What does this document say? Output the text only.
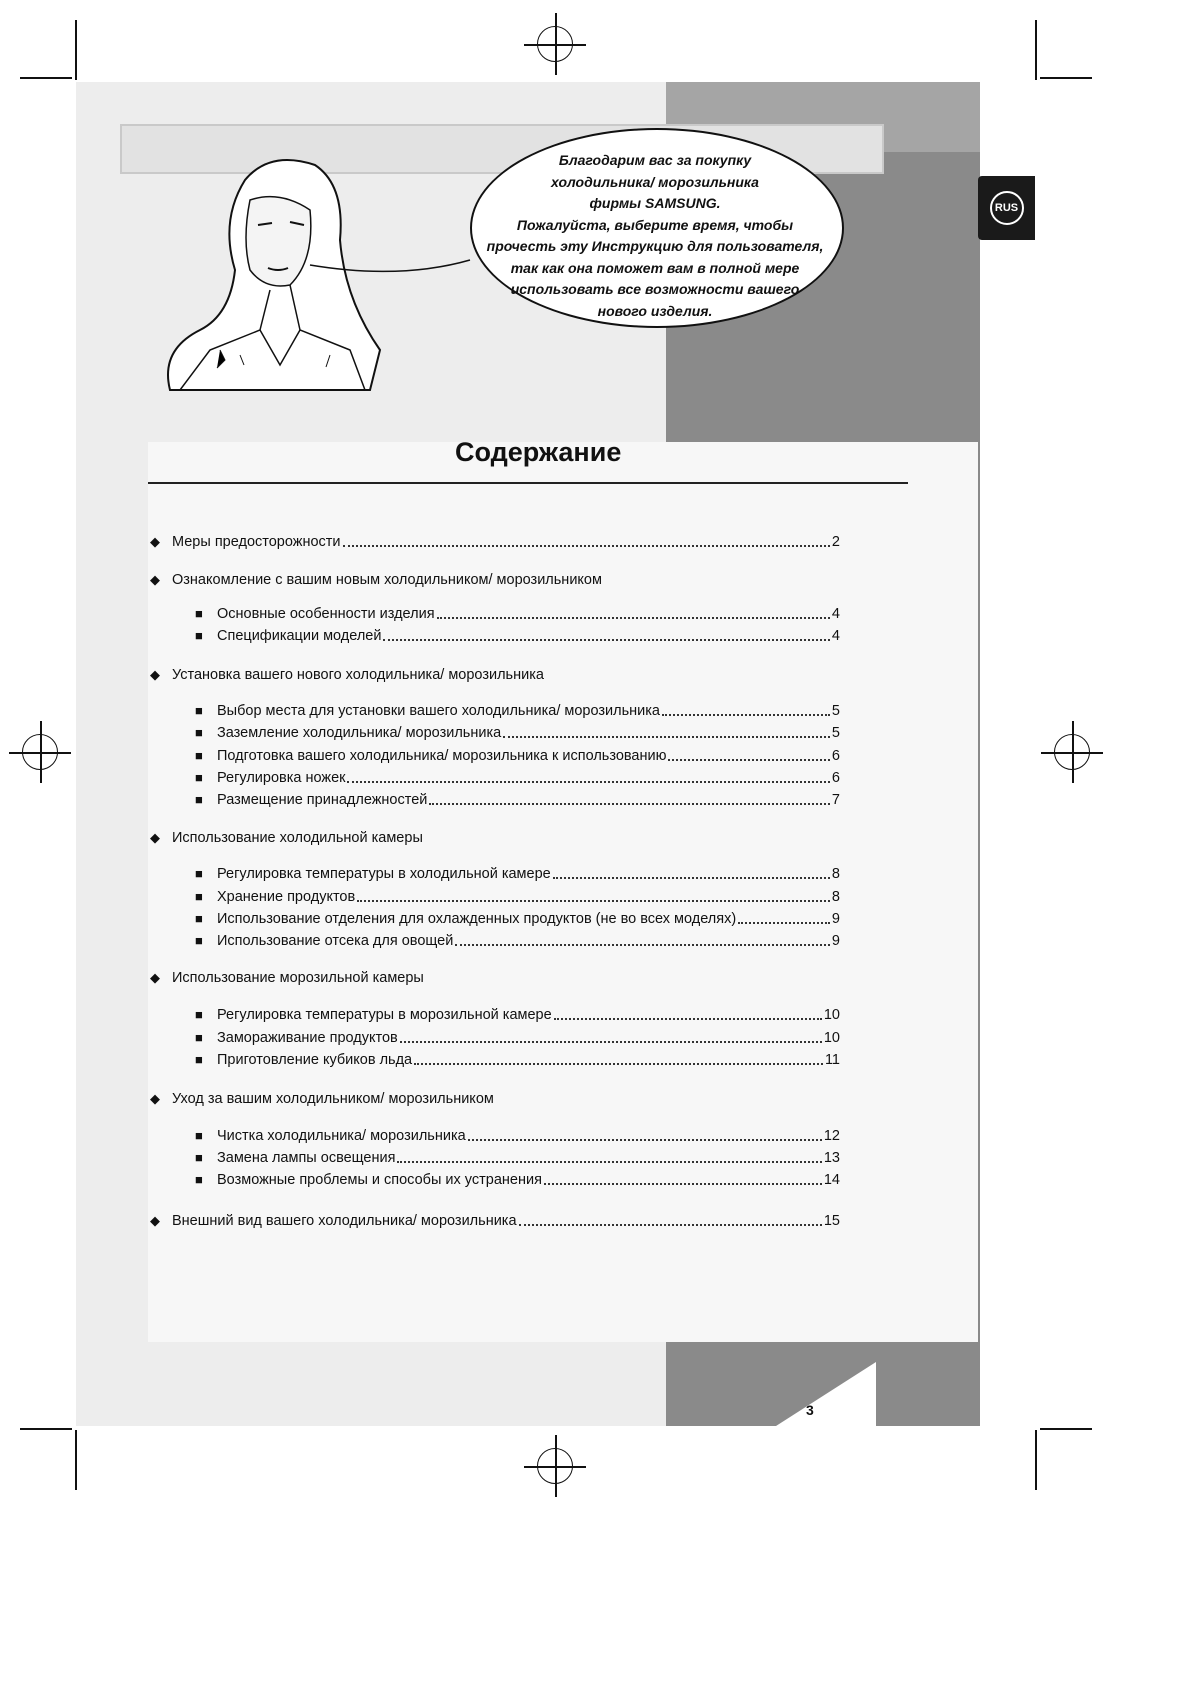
3
RUS
Благодарим вас за покупку
холодильника/ морозильника
фирмы SAMSUNG.
Пожалуйста, выберите время, чтобы
прочесть эту Инструкцию для пользователя,
так как она поможет вам в полной мере
использовать все возможности вашего
нового изделия.
Содержание
◆ Меры предосторожности	2
◆ Ознакомление с вашим новым холодильником/ морозильником
■ Основные особенности изделия	4
■ Спецификации моделей	4
◆ Установка вашего нового холодильника/ морозильника
■ Выбор места для установки вашего холодильника/ морозильника	5
■ Заземление холодильника/ морозильника	5
■ Подготовка вашего холодильника/ морозильника к использованию	6
■ Регулировка ножек	6
■ Размещение принадлежностей	7
◆ Использование холодильной камеры
■ Регулировка температуры в холодильной камере	8
■ Хранение продуктов	8
■ Использование отделения для охлажденных продуктов (не во всех моделях)	9
■ Использование отсека для овощей	9
◆ Использование морозильной камеры
■ Регулировка температуры в морозильной камере	10
■ Замораживание продуктов	10
■ Приготовление кубиков льда	11
◆ Уход за вашим холодильником/ морозильником
■ Чистка холодильника/ морозильника	12
■ Замена лампы освещения	13
■ Возможные проблемы и способы их устранения	14
◆ Внешний вид вашего холодильника/ морозильника	15
